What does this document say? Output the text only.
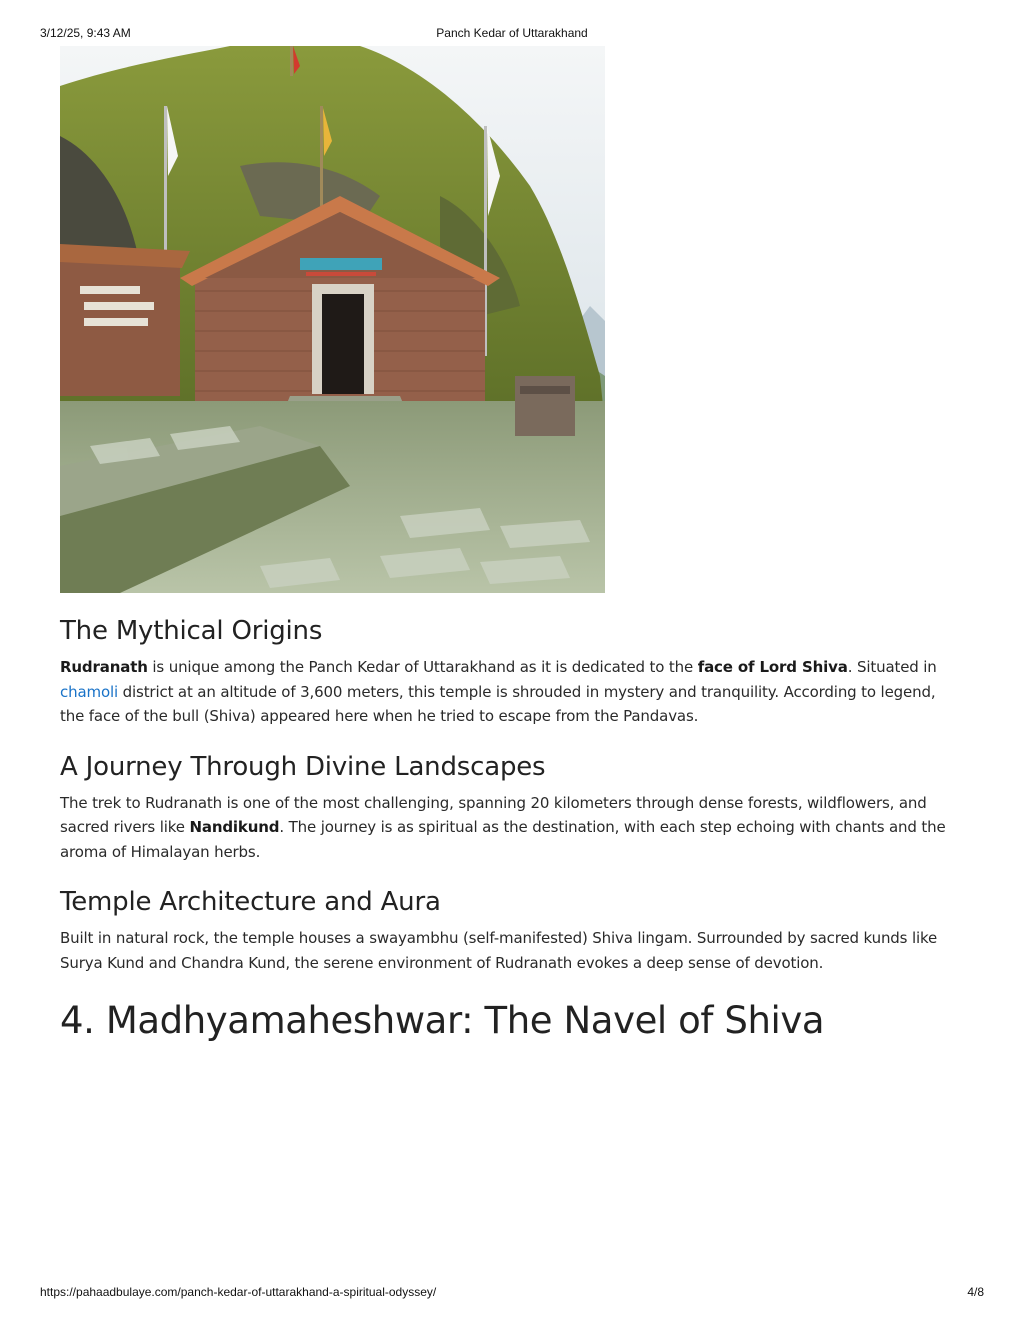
3/12/25, 9:43 AM	Panch Kedar of Uttarakhand
The Mythical Origins

Rudranath is unique among the Panch Kedar of Uttarakhand as it is dedicated to the face of Lord Shiva. Situated in chamoli district at an altitude of 3,600 meters, this temple is shrouded in mystery and tranquility. According to legend, the face of the bull (Shiva) appeared here when he tried to escape from the Pandavas.

A Journey Through Divine Landscapes

The trek to Rudranath is one of the most challenging, spanning 20 kilometers through dense forests, wildflowers, and sacred rivers like Nandikund. The journey is as spiritual as the destination, with each step echoing with chants and the aroma of Himalayan herbs.

Temple Architecture and Aura

Built in natural rock, the temple houses a swayambhu (self-manifested) Shiva lingam. Surrounded by sacred kunds like Surya Kund and Chandra Kund, the serene environment of Rudranath evokes a deep sense of devotion.

4. Madhyamaheshwar: The Navel of Shiva
https://pahaadbulaye.com/panch-kedar-of-uttarakhand-a-spiritual-odyssey/	4/8
